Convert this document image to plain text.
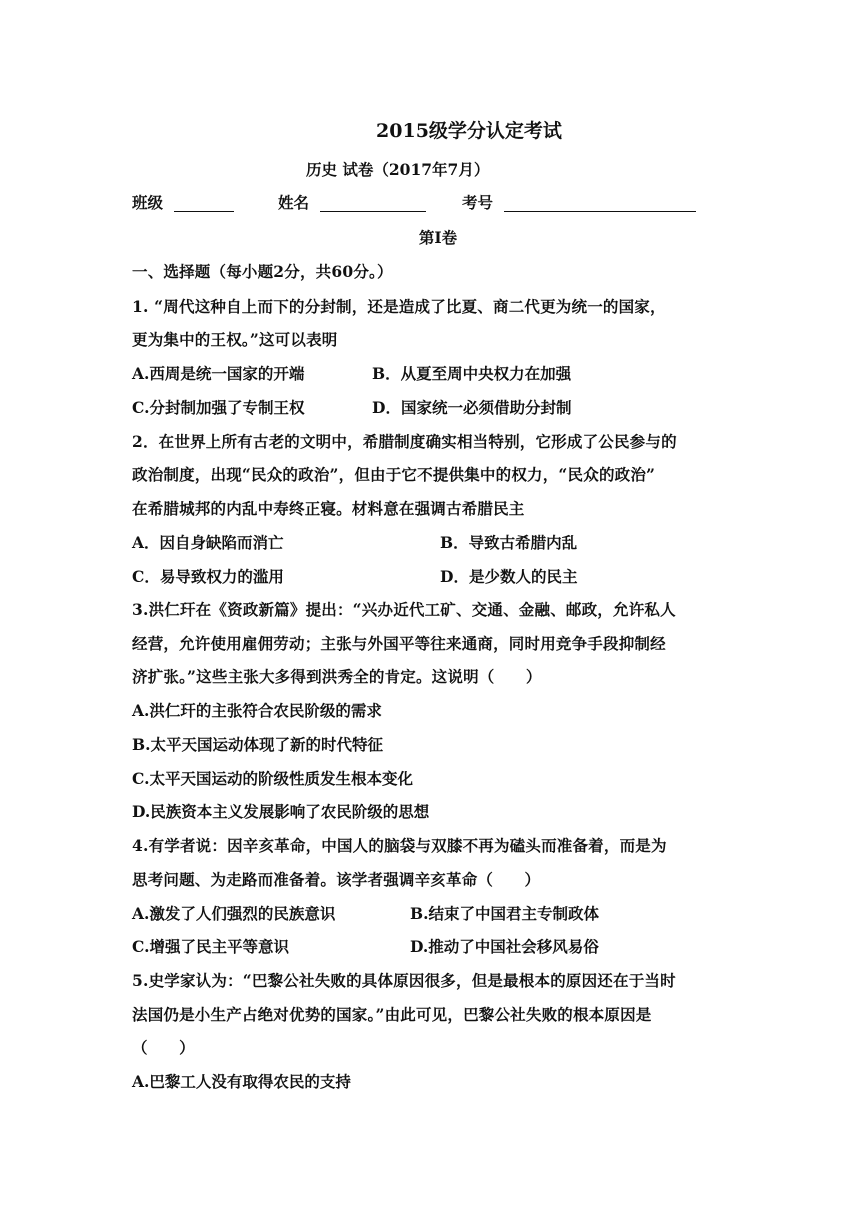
2015级学分认定考试
历史 试卷（2017年7月）
班级	姓名	考号
第Ⅰ卷
一、选择题（每小题2分，共60分。）
1. “周代这种自上而下的分封制，还是造成了比夏、商二代更为统一的国家，
更为集中的王权。”这可以表明
A.西周是统一国家的开端	B．从夏至周中央权力在加强
C.分封制加强了专制王权	D．国家统一必须借助分封制
2．在世界上所有古老的文明中，希腊制度确实相当特别，它形成了公民参与的
政治制度，出现“民众的政治”，但由于它不提供集中的权力，“民众的政治”
在希腊城邦的内乱中寿终正寝。材料意在强调古希腊民主
A．因自身缺陷而消亡	B．导致古希腊内乱
C．易导致权力的滥用	D．是少数人的民主
3.洪仁玕在《资政新篇》提出：“兴办近代工矿、交通、金融、邮政，允许私人
经营，允许使用雇佣劳动；主张与外国平等往来通商，同时用竞争手段抑制经
济扩张。”这些主张大多得到洪秀全的肯定。这说明（　　）
A.洪仁玕的主张符合农民阶级的需求
B.太平天国运动体现了新的时代特征
C.太平天国运动的阶级性质发生根本变化
D.民族资本主义发展影响了农民阶级的思想
4.有学者说：因辛亥革命，中国人的脑袋与双膝不再为磕头而准备着，而是为
思考问题、为走路而准备着。该学者强调辛亥革命（　　）
A.激发了人们强烈的民族意识	B.结束了中国君主专制政体
C.增强了民主平等意识	D.推动了中国社会移风易俗
5.史学家认为：“巴黎公社失败的具体原因很多，但是最根本的原因还在于当时
法国仍是小生产占绝对优势的国家。”由此可见，巴黎公社失败的根本原因是
（　　）
A.巴黎工人没有取得农民的支持
